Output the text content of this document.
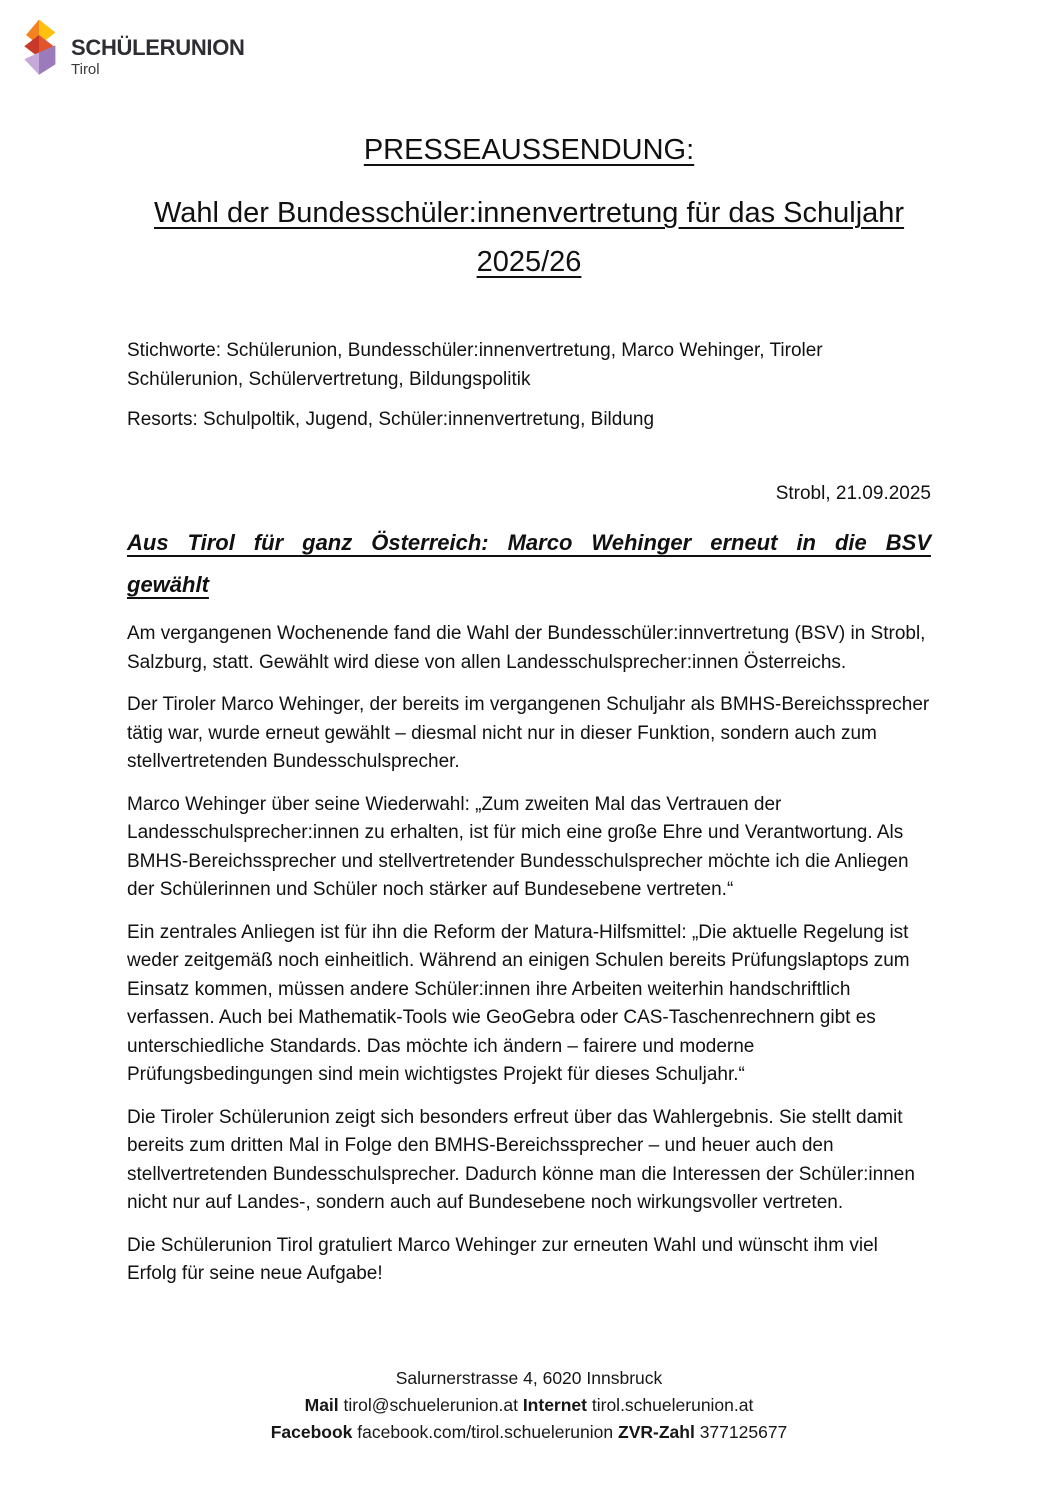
SCHÜLERUNION
Tirol
PRESSEAUSSENDUNG:
Wahl der Bundesschüler:innenvertretung für das Schuljahr 2025/26

Stichworte: Schülerunion, Bundesschüler:innenvertretung, Marco Wehinger, Tiroler Schülerunion, Schülervertretung, Bildungspolitik

Resorts: Schulpoltik, Jugend, Schüler:innenvertretung, Bildung

Strobl, 21.09.2025

Aus Tirol für ganz Österreich: Marco Wehinger erneut in die BSV
gewählt

Am vergangenen Wochenende fand die Wahl der Bundesschüler:innvertretung (BSV) in Strobl, Salzburg, statt. Gewählt wird diese von allen Landesschulsprecher:innen Österreichs.

Der Tiroler Marco Wehinger, der bereits im vergangenen Schuljahr als BMHS-Bereichssprecher tätig war, wurde erneut gewählt – diesmal nicht nur in dieser Funktion, sondern auch zum stellvertretenden Bundesschulsprecher.

Marco Wehinger über seine Wiederwahl: „Zum zweiten Mal das Vertrauen der Landesschulsprecher:innen zu erhalten, ist für mich eine große Ehre und Verantwortung. Als BMHS-Bereichssprecher und stellvertretender Bundesschulsprecher möchte ich die Anliegen der Schülerinnen und Schüler noch stärker auf Bundesebene vertreten.“

Ein zentrales Anliegen ist für ihn die Reform der Matura-Hilfsmittel: „Die aktuelle Regelung ist weder zeitgemäß noch einheitlich. Während an einigen Schulen bereits Prüfungslaptops zum Einsatz kommen, müssen andere Schüler:innen ihre Arbeiten weiterhin handschriftlich verfassen. Auch bei Mathematik-Tools wie GeoGebra oder CAS-Taschenrechnern gibt es unterschiedliche Standards. Das möchte ich ändern – fairere und moderne Prüfungsbedingungen sind mein wichtigstes Projekt für dieses Schuljahr.“

Die Tiroler Schülerunion zeigt sich besonders erfreut über das Wahlergebnis. Sie stellt damit bereits zum dritten Mal in Folge den BMHS-Bereichssprecher – und heuer auch den stellvertretenden Bundesschulsprecher. Dadurch könne man die Interessen der Schüler:innen nicht nur auf Landes-, sondern auch auf Bundesebene noch wirkungsvoller vertreten.

Die Schülerunion Tirol gratuliert Marco Wehinger zur erneuten Wahl und wünscht ihm viel Erfolg für seine neue Aufgabe!

Salurnerstrasse 4, 6020 Innsbruck
Mail tirol@schuelerunion.at Internet tirol.schuelerunion.at
Facebook facebook.com/tirol.schuelerunion ZVR-Zahl 377125677
